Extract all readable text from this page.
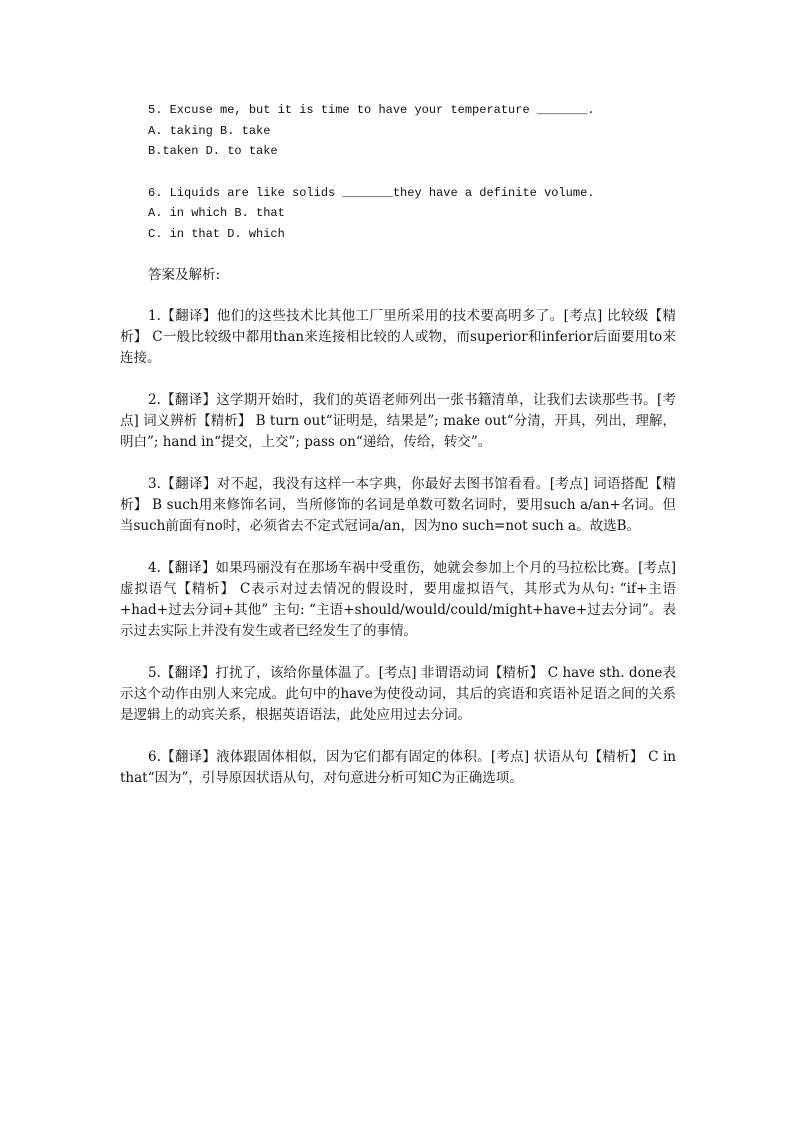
5. Excuse me, but it is time to have your temperature _______.

A. taking B. take

B.taken D. to take

6. Liquids are like solids _______they have a definite volume.

A. in which B. that

C. in that D. which

答案及解析:

1.【翻译】他们的这些技术比其他工厂里所采用的技术要高明多了。[考点] 比较级【精析】 C一般比较级中都用than来连接相比较的人或物，而superior和inferior后面要用to来连接。

2.【翻译】这学期开始时，我们的英语老师列出一张书籍清单，让我们去读那些书。[考点] 词义辨析【精析】 B turn out“证明是，结果是”; make out“分清，开具，列出，理解，明白”; hand in“提交，上交”; pass on“递给，传给，转交”。

3.【翻译】对不起，我没有这样一本字典，你最好去图书馆看看。[考点] 词语搭配【精析】 B such用来修饰名词，当所修饰的名词是单数可数名词时，要用such a/an+名词。但当such前面有no时，必须省去不定式冠词a/an，因为no such=not such a。故选B。

4.【翻译】如果玛丽没有在那场车祸中受重伤，她就会参加上个月的马拉松比赛。[考点] 虚拟语气【精析】 C表示对过去情况的假设时，要用虚拟语气，其形式为从句: “if+主语+had+过去分词+其他” 主句: “主语+should/would/could/might+have+过去分词”。表示过去实际上并没有发生或者已经发生了的事情。

5.【翻译】打扰了，该给你量体温了。[考点] 非谓语动词【精析】 C have sth. done表示这个动作由别人来完成。此句中的have为使役动词，其后的宾语和宾语补足语之间的关系是逻辑上的动宾关系，根据英语语法，此处应用过去分词。

6.【翻译】液体跟固体相似，因为它们都有固定的体积。[考点] 状语从句【精析】 C in that“因为”，引导原因状语从句，对句意进分析可知C为正确选项。
